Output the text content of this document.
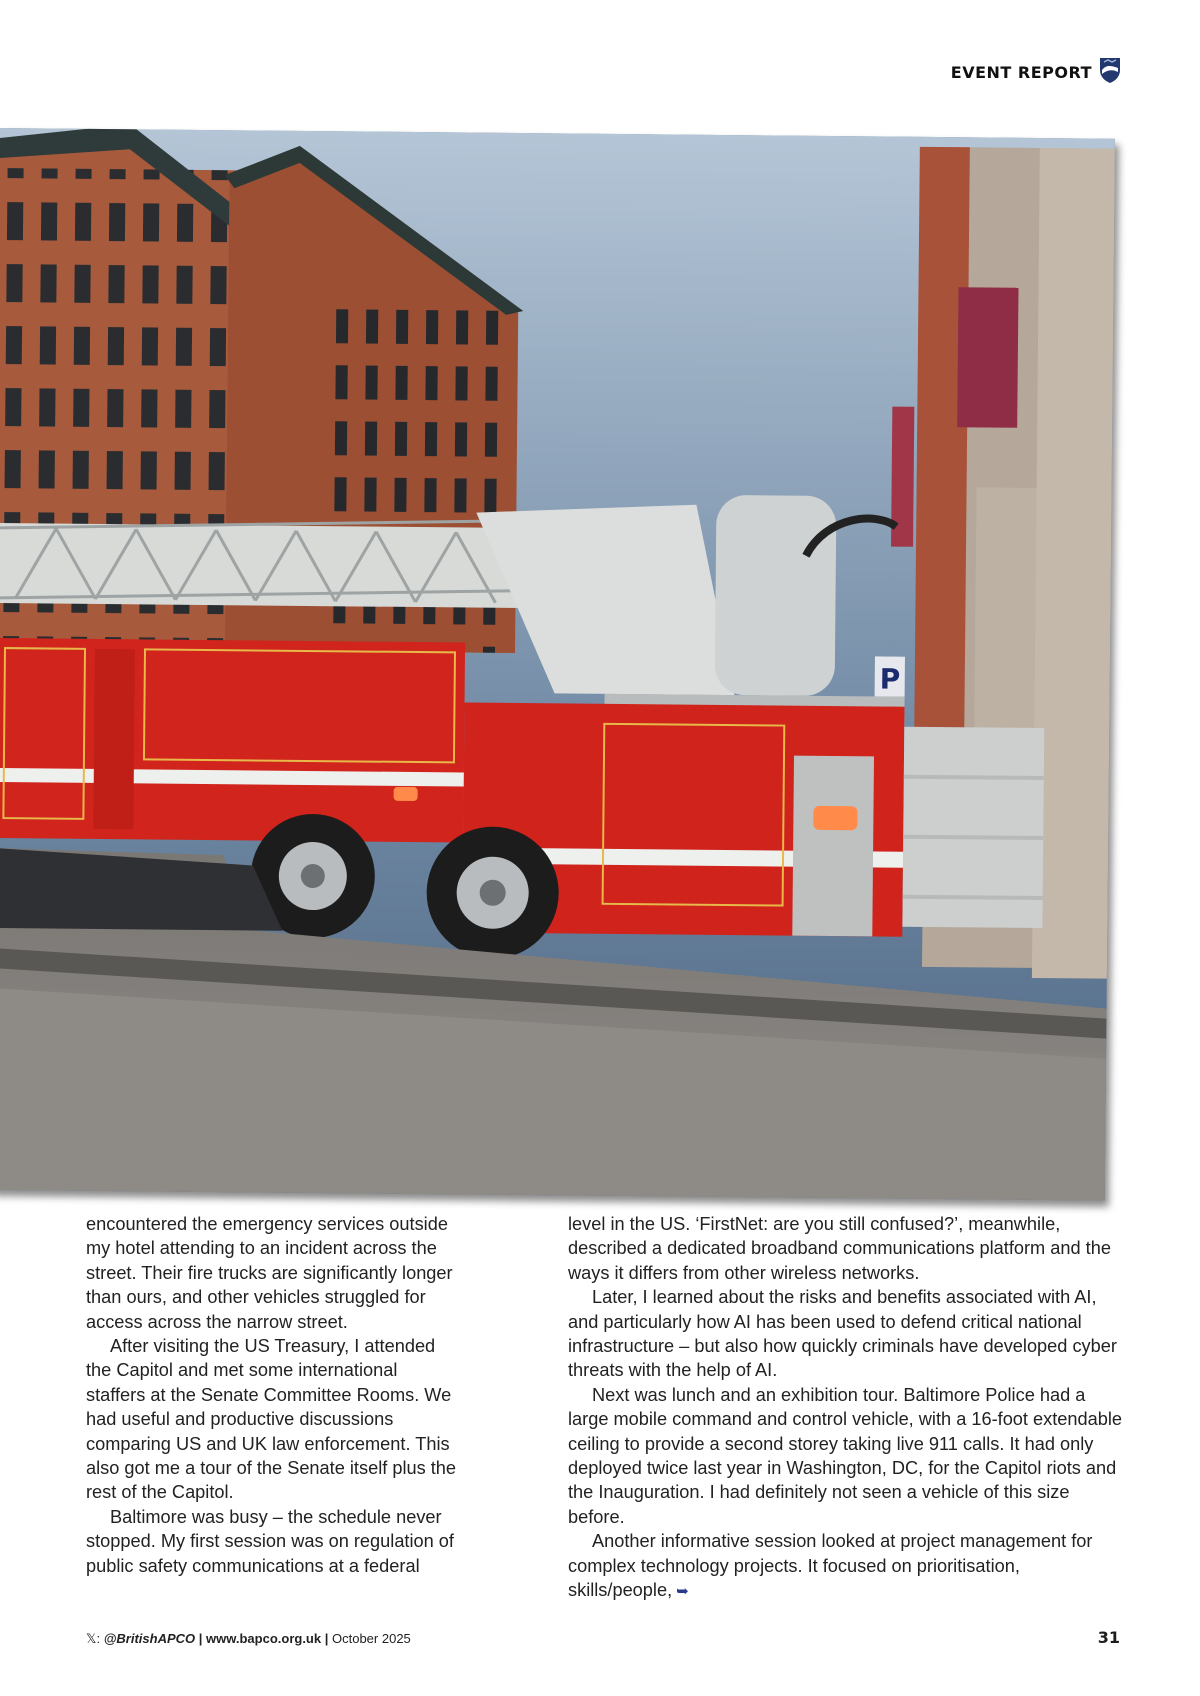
EVENT REPORT
P

encountered the emergency services outside my hotel attending to an incident across the street. Their fire trucks are significantly longer than ours, and other vehicles struggled for access across the narrow street.

After visiting the US Treasury, I attended the Capitol and met some international staffers at the Senate Committee Rooms. We had useful and productive discussions comparing US and UK law enforcement. This also got me a tour of the Senate itself plus the rest of the Capitol.

Baltimore was busy – the schedule never stopped. My first session was on regulation of public safety communications at a federal

level in the US. ‘FirstNet: are you still confused?’, meanwhile, described a dedicated broadband communications platform and the ways it differs from other wireless networks.

Later, I learned about the risks and benefits associated with AI, and particularly how AI has been used to defend critical national infrastructure – but also how quickly criminals have developed cyber threats with the help of AI.

Next was lunch and an exhibition tour. Baltimore Police had a large mobile command and control vehicle, with a 16-foot extendable ceiling to provide a second storey taking live 911 calls. It had only deployed twice last year in Washington, DC, for the Capitol riots and the Inauguration. I had definitely not seen a vehicle of this size before.

Another informative session looked at project management for complex technology projects. It focused on prioritisation, skills/people, ➥

𝕏: @BritishAPCO | www.bapco.org.uk | October 2025	31
